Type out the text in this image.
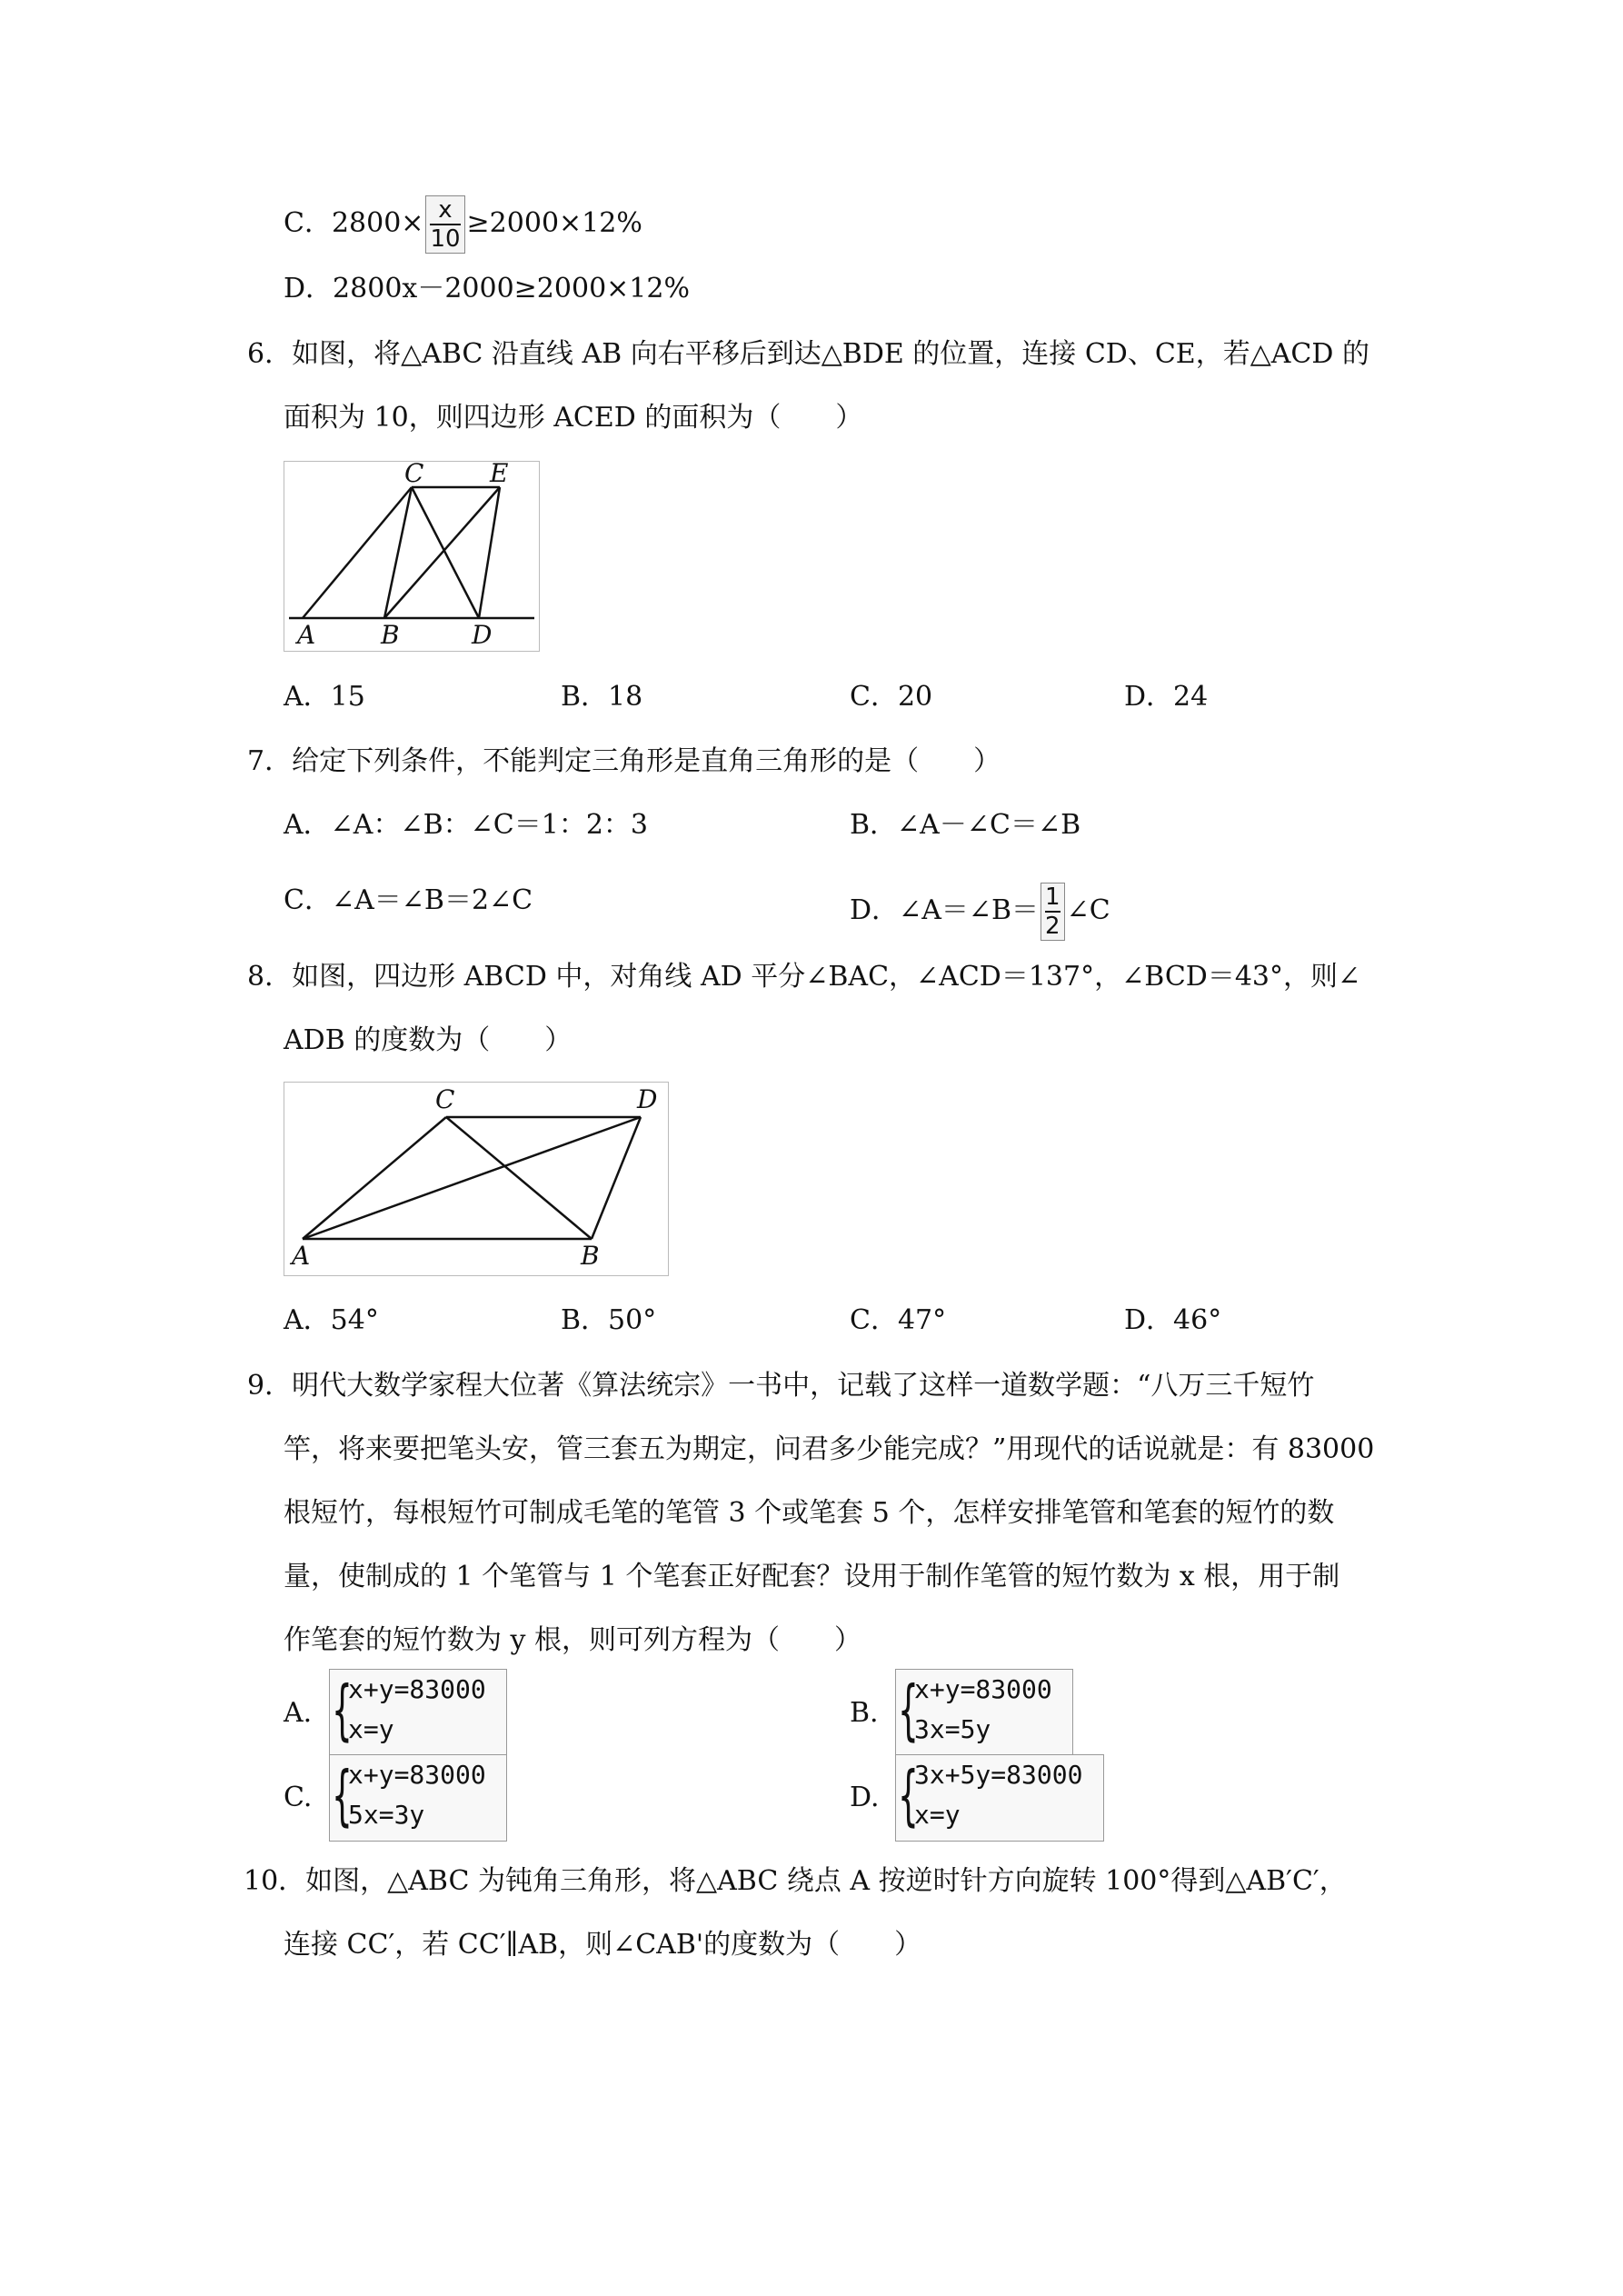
C．$2800\times \frac{x}{10} \ge 2000\times 12\%$
D．2800x－2000≥2000×12%
6．如图，将△ABC 沿直线 AB 向右平移后到达△BDE 的位置，连接 CD、CE，若△ACD 的
面积为 10，则四边形 ACED 的面积为（　　）
A	B	D
C	E
A．15	B．18	C．20	D．24
7．给定下列条件，不能判定三角形是直角三角形的是（　　）
A．∠A：∠B：∠C＝1：2：3	B．∠A－∠C＝∠B
C．∠A＝∠B＝2∠C	D．∠A＝∠B＝ $\frac{1}{2}$ ∠C
8．如图，四边形 ABCD 中，对角线 AD 平分∠BAC，∠ACD＝137°，∠BCD＝43°，则∠
ADB 的度数为（　　）
A	B
C	D
A．54°	B．50°	C．47°	D．46°
9．明代大数学家程大位著《算法统宗》一书中，记载了这样一道数学题：“八万三千短竹
竿，将来要把笔头安，管三套五为期定，问君多少能完成？”用现代的话说就是：有 83000
根短竹，每根短竹可制成毛笔的笔管 3 个或笔套 5 个，怎样安排笔管和笔套的短竹的数
量，使制成的 1 个笔管与 1 个笔套正好配套？设用于制作笔管的短竹数为 x 根，用于制
作笔套的短竹数为 y 根，则可列方程为（　　）
A.
{ x+y=83000
x=y
B.
{ x+y=83000
3x=5y
C.
{ x+y=83000
5x=3y
D.
{ 3x+5y=83000
x=y
10．如图，△ABC 为钝角三角形，将△ABC 绕点 A 按逆时针方向旋转 100°得到△AB′C′，
连接 CC′，若 CC′∥AB，则∠CAB'的度数为（　　）
